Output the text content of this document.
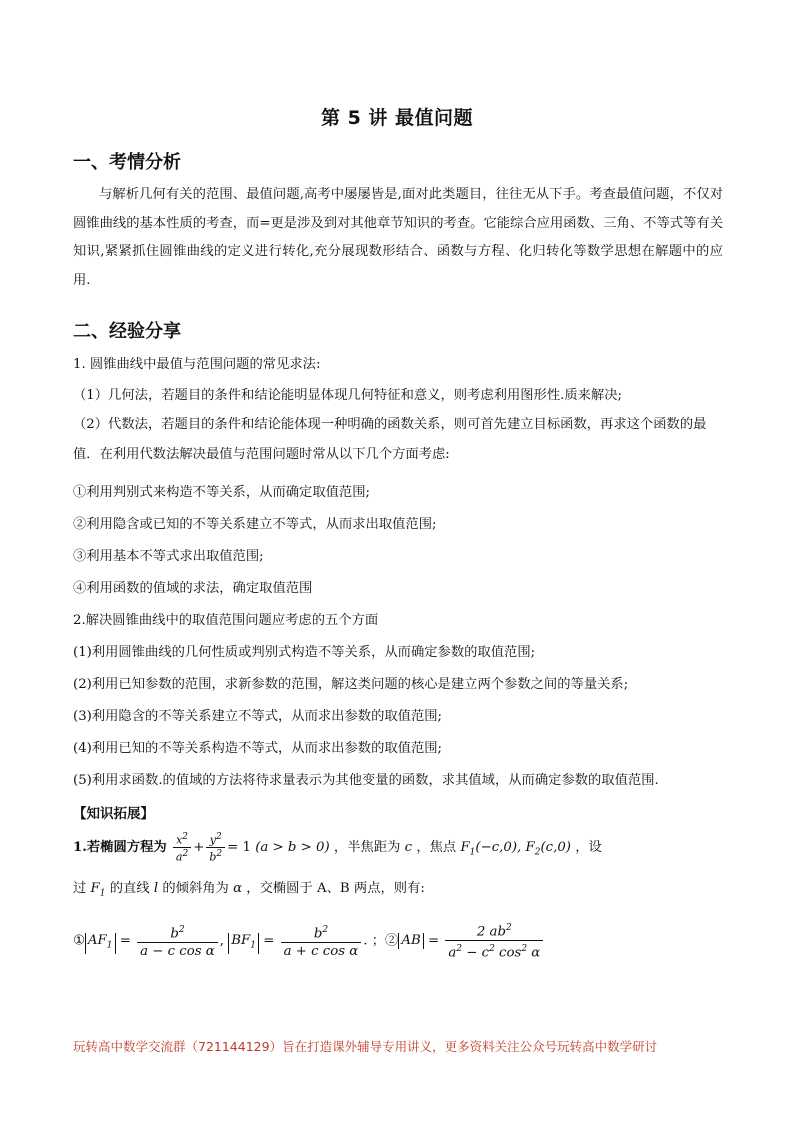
第 5 讲 最值问题
一、考情分析
与解析几何有关的范围、最值问题,高考中屡屡皆是,面对此类题目，往往无从下手。考查最值问题，不仅对圆锥曲线的基本性质的考查，而=更是涉及到对其他章节知识的考查。它能综合应用函数、三角、不等式等有关知识,紧紧抓住圆锥曲线的定义进行转化,充分展现数形结合、函数与方程、化归转化等数学思想在解题中的应用.
二、经验分享
1. 圆锥曲线中最值与范围问题的常见求法:
（1）几何法，若题目的条件和结论能明显体现几何特征和意义，则考虑利用图形性.质来解决;
（2）代数法，若题目的条件和结论能体现一种明确的函数关系，则可首先建立目标函数，再求这个函数的最值．在利用代数法解决最值与范围问题时常从以下几个方面考虑:
①利用判别式来构造不等关系，从而确定取值范围;
②利用隐含或已知的不等关系建立不等式，从而求出取值范围;
③利用基本不等式求出取值范围;
④利用函数的值域的求法，确定取值范围
2.解决圆锥曲线中的取值范围问题应考虑的五个方面
(1)利用圆锥曲线的几何性质或判别式构造不等关系，从而确定参数的取值范围;
(2)利用已知参数的范围，求新参数的范围，解这类问题的核心是建立两个参数之间的等量关系;
(3)利用隐含的不等关系建立不等式，从而求出参数的取值范围;
(4)利用已知的不等关系构造不等式，从而求出参数的取值范围;
(5)利用求函数.的值域的方法将待求量表示为其他变量的函数，求其值域，从而确定参数的取值范围.
【知识拓展】
1.若椭圆方程为 $\frac{x^2}{a^2} + \frac{y^2}{b^2} = 1$ (a > b > 0) ，半焦距为 c ，焦点 $F_1(-c,0)$, $F_2(c,0)$ ，设
过 $F_1$ 的直线 l 的倾斜角为 α ，交椭圆于 A、B 两点，则有:
① $AF_1 = \frac{b^2}{\text{a − c cos α}}$ , $BF_1 = \frac{b^2}{\text{a + c cos α}}$ . ；② AB = $\frac{2 ab^2}{a^2 - c^2 \cos^2 \alpha}$
玩转高中数学交流群（721144129）旨在打造课外辅导专用讲义，更多资料关注公众号玩转高中数学研讨
